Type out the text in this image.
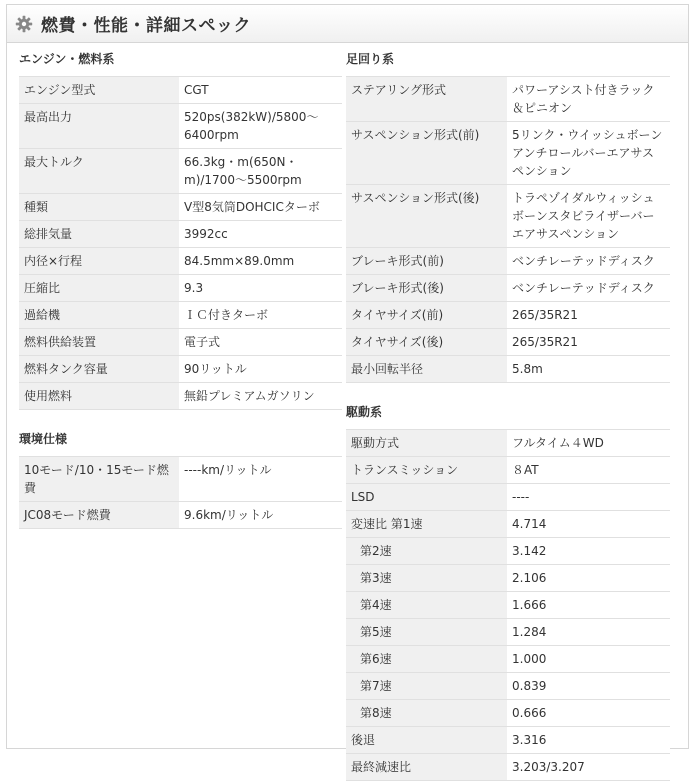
燃費・性能・詳細スペック
エンジン・燃料系
エンジン型式	CGT
最高出力	520ps(382kW)/5800～6400rpm
最大トルク	66.3kg・m(650N・m)/1700～5500rpm
種類	V型8気筒DOHCICターボ
総排気量	3992cc
内径×行程	84.5mm×89.0mm
圧縮比	9.3
過給機	ＩＣ付きターボ
燃料供給装置	電子式
燃料タンク容量	90リットル
使用燃料	無鉛プレミアムガソリン
環境仕様
10モード/10・15モード燃費	----km/リットル
JC08モード燃費	9.6km/リットル
足回り系
ステアリング形式	パワーアシスト付きラック＆ピニオン
サスペンション形式(前)	5リンク・ウイッシュボーンアンチロールバーエアサスペンション
サスペンション形式(後)	トラペゾイダルウィッシュボーンスタビライザーバーエアサスペンション
ブレーキ形式(前)	ベンチレーテッドディスク
ブレーキ形式(後)	ベンチレーテッドディスク
タイヤサイズ(前)	265/35R21
タイヤサイズ(後)	265/35R21
最小回転半径	5.8m
駆動系
駆動方式	フルタイム４WD
トランスミッション	８AT
LSD	----
変速比 第1速	4.714
第2速	3.142
第3速	2.106
第4速	1.666
第5速	1.284
第6速	1.000
第7速	0.839
第8速	0.666
後退	3.316
最終減速比	3.203/3.207
